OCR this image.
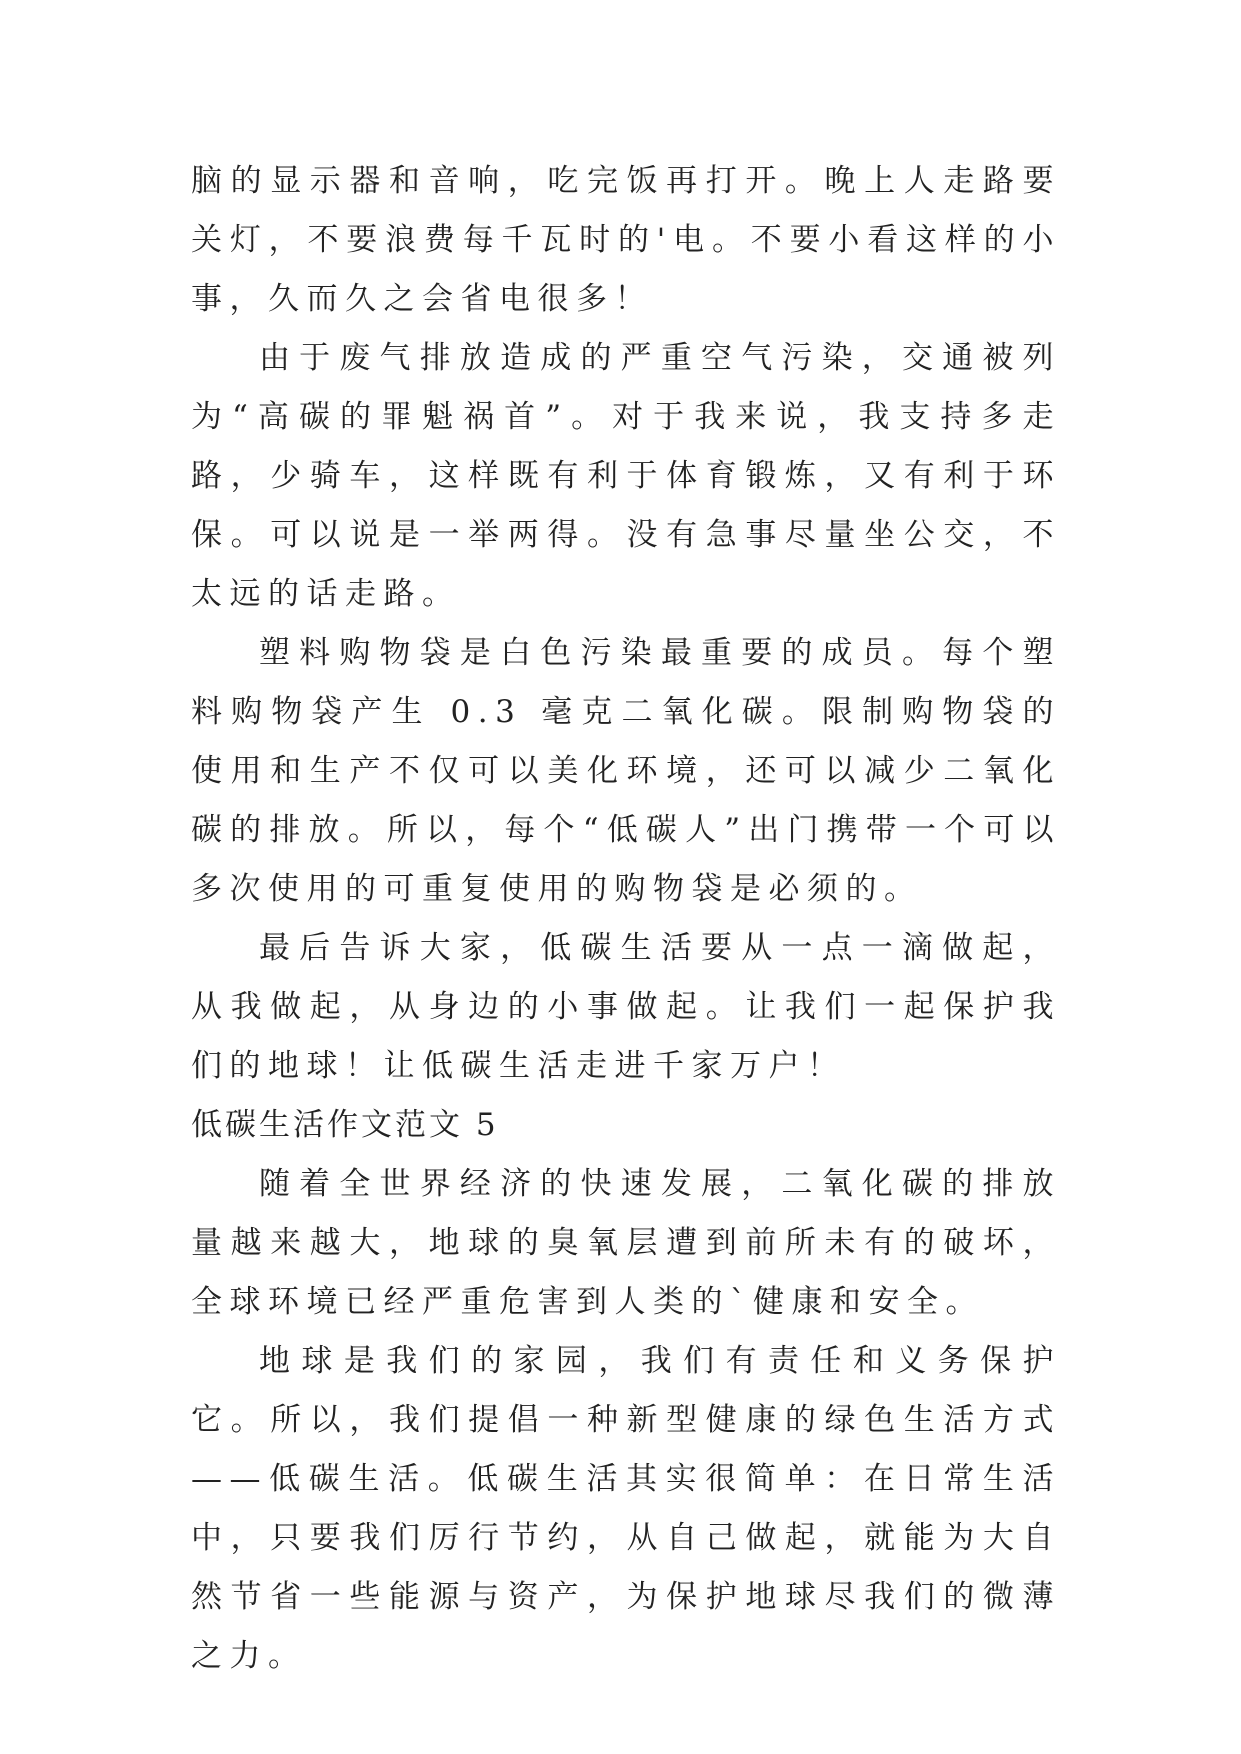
脑的显示器和音响，吃完饭再打开。晚上人走路要关灯，不要浪费每千瓦时的'电。不要小看这样的小事，久而久之会省电很多！

由于废气排放造成的严重空气污染，交通被列为“高碳的罪魁祸首”。对于我来说，我支持多走路，少骑车，这样既有利于体育锻炼，又有利于环保。可以说是一举两得。没有急事尽量坐公交，不太远的话走路。

塑料购物袋是白色污染最重要的成员。每个塑料购物袋产生 0.3 毫克二氧化碳。限制购物袋的使用和生产不仅可以美化环境，还可以减少二氧化碳的排放。所以，每个“低碳人”出门携带一个可以多次使用的可重复使用的购物袋是必须的。

最后告诉大家，低碳生活要从一点一滴做起，从我做起，从身边的小事做起。让我们一起保护我们的地球！让低碳生活走进千家万户！

低碳生活作文范文 5

随着全世界经济的快速发展，二氧化碳的排放量越来越大，地球的臭氧层遭到前所未有的破坏，全球环境已经严重危害到人类的`健康和安全。

地球是我们的家园，我们有责任和义务保护它。所以，我们提倡一种新型健康的绿色生活方式——低碳生活。低碳生活其实很简单：在日常生活中，只要我们厉行节约，从自己做起，就能为大自然节省一些能源与资产，为保护地球尽我们的微薄之力。
